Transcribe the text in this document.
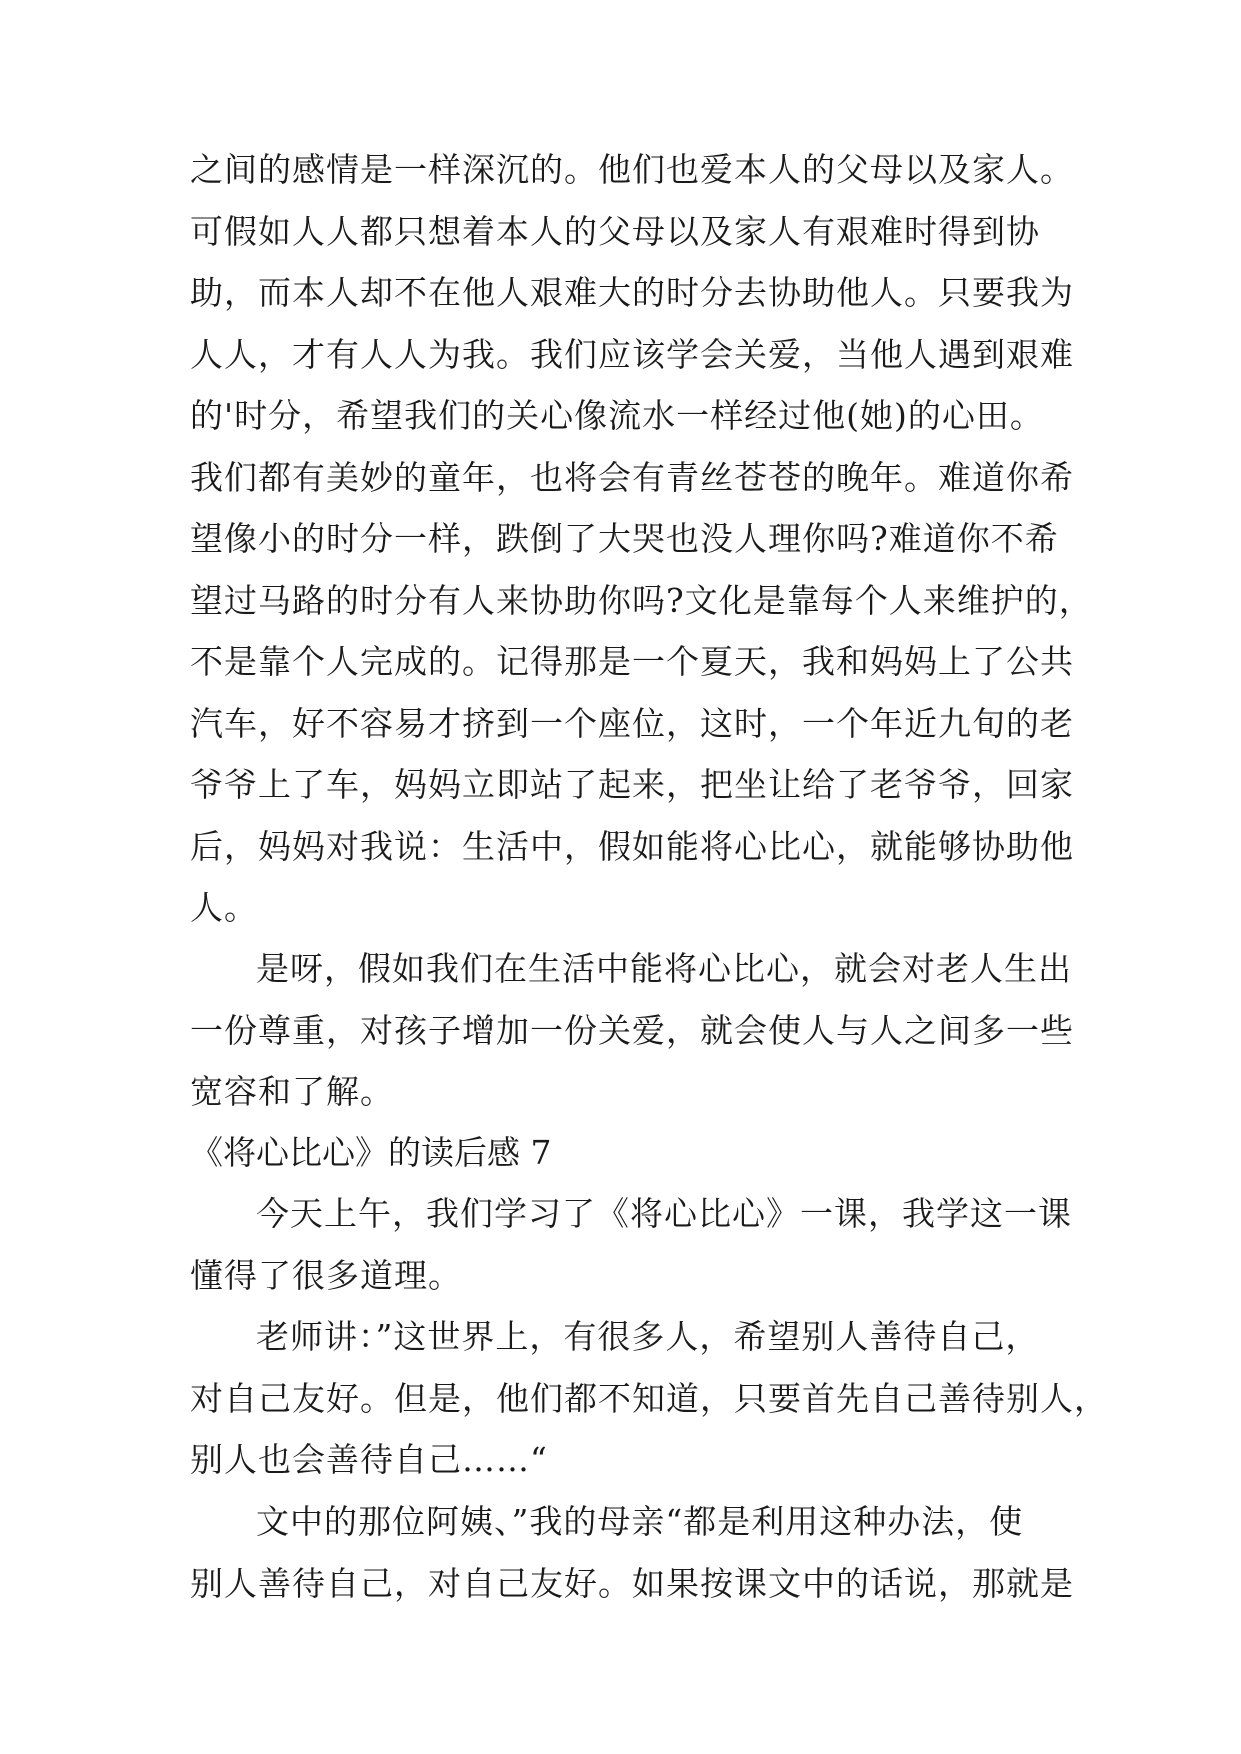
之间的感情是一样深沉的。他们也爱本人的父母以及家人。
可假如人人都只想着本人的父母以及家人有艰难时得到协
助，而本人却不在他人艰难大的时分去协助他人。只要我为
人人，才有人人为我。我们应该学会关爱，当他人遇到艰难
的'时分，希望我们的关心像流水一样经过他(她)的心田。
我们都有美妙的童年，也将会有青丝苍苍的晚年。难道你希
望像小的时分一样，跌倒了大哭也没人理你吗?难道你不希
望过马路的时分有人来协助你吗?文化是靠每个人来维护的，
不是靠个人完成的。记得那是一个夏天，我和妈妈上了公共
汽车，好不容易才挤到一个座位，这时，一个年近九旬的老
爷爷上了车，妈妈立即站了起来，把坐让给了老爷爷，回家
后，妈妈对我说：生活中，假如能将心比心，就能够协助他
人。
是呀，假如我们在生活中能将心比心，就会对老人生出
一份尊重，对孩子增加一份关爱，就会使人与人之间多一些
宽容和了解。
《将心比心》的读后感 7
今天上午，我们学习了《将心比心》一课，我学这一课
懂得了很多道理。
老师讲：”这世界上，有很多人，希望别人善待自己，
对自己友好。但是，他们都不知道，只要首先自己善待别人，
别人也会善待自己……“
文中的那位阿姨、”我的母亲“都是利用这种办法，使
别人善待自己，对自己友好。如果按课文中的话说，那就是
